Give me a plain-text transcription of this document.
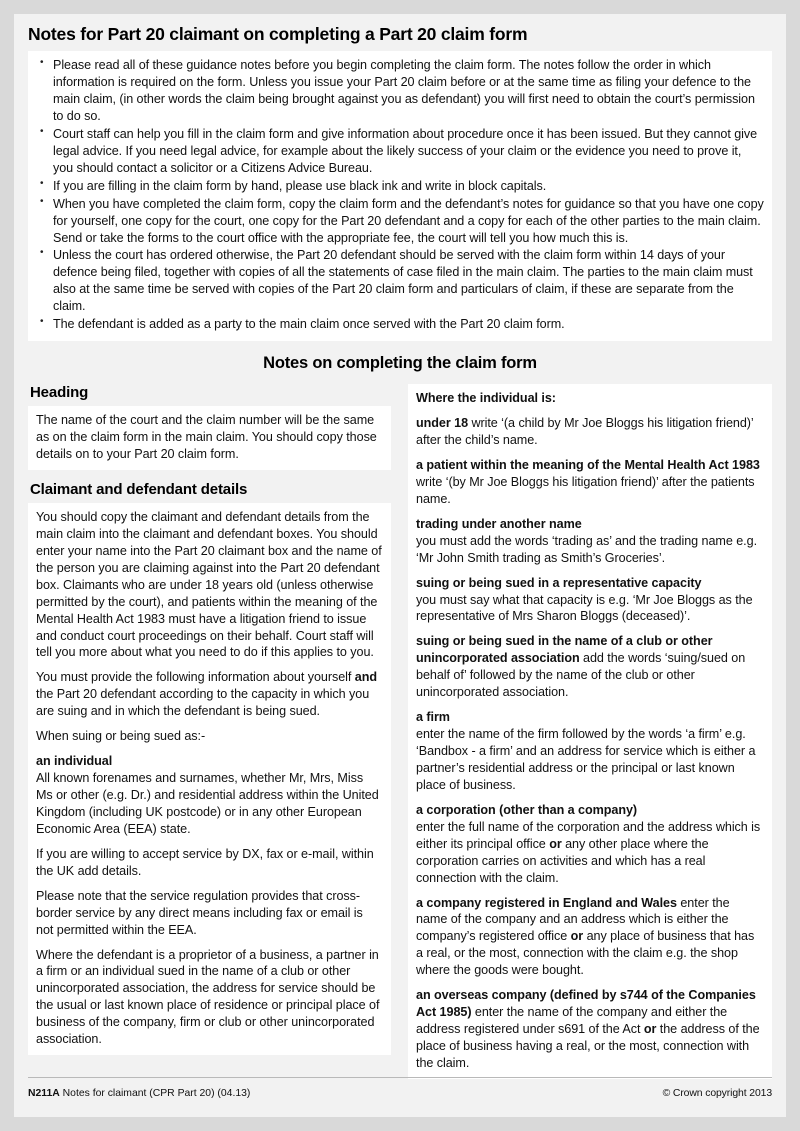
Notes for Part 20 claimant on completing a Part 20 claim form
• Please read all of these guidance notes before you begin completing the claim form. The notes follow the order in which information is required on the form. Unless you issue your Part 20 claim before or at the same time as filing your defence to the main claim, (in other words the claim being brought against you as defendant) you will first need to obtain the court’s permission to do so.
• Court staff can help you fill in the claim form and give information about procedure once it has been issued. But they cannot give legal advice. If you need legal advice, for example about the likely success of your claim or the evidence you need to prove it, you should contact a solicitor or a Citizens Advice Bureau.
• If you are filling in the claim form by hand, please use black ink and write in block capitals.
• When you have completed the claim form, copy the claim form and the defendant’s notes for guidance so that you have one copy for yourself, one copy for the court, one copy for the Part 20 defendant and a copy for each of the other parties to the main claim. Send or take the forms to the court office with the appropriate fee, the court will tell you how much this is.
• Unless the court has ordered otherwise, the Part 20 defendant should be served with the claim form within 14 days of your defence being filed, together with copies of all the statements of case filed in the main claim. The parties to the main claim must also at the same time be served with copies of the Part 20 claim form and particulars of claim, if these are separate from the claim.
• The defendant is added as a party to the main claim once served with the Part 20 claim form.
Notes on completing the claim form
Heading

The name of the court and the claim number will be the same as on the claim form in the main claim. You should copy those details on to your Part 20 claim form.

Claimant and defendant details

You should copy the claimant and defendant details from the main claim into the claimant and defendant boxes. You should enter your name into the Part 20 claimant box and the name of the person you are claiming against into the Part 20 defendant box. Claimants who are under 18 years old (unless otherwise permitted by the court), and patients within the meaning of the Mental Health Act 1983 must have a litigation friend to issue and conduct court proceedings on their behalf. Court staff will tell you more about what you need to do if this applies to you.

You must provide the following information about yourself and the Part 20 defendant according to the capacity in which you are suing and in which the defendant is being sued.

When suing or being sued as:-

an individual

All known forenames and surnames, whether Mr, Mrs, Miss Ms or other (e.g. Dr.) and residential address within the United Kingdom (including UK postcode) or in any other European Economic Area (EEA) state.

If you are willing to accept service by DX, fax or e-mail, within the UK add details.

Please note that the service regulation provides that cross-border service by any direct means including fax or email is not permitted within the EEA.

Where the defendant is a proprietor of a business, a partner in a firm or an individual sued in the name of a club or other unincorporated association, the address for service should be the usual or last known place of residence or principal place of business of the company, firm or club or other unincorporated association.

Where the individual is:

under 18 write ‘(a child by Mr Joe Bloggs his litigation friend)’ after the child’s name.

a patient within the meaning of the Mental Health Act 1983 write ‘(by Mr Joe Bloggs his litigation friend)’ after the patients name.

trading under another name
you must add the words ‘trading as’ and the trading name e.g. ‘Mr John Smith trading as Smith’s Groceries’.

suing or being sued in a representative capacity
you must say what that capacity is e.g. ‘Mr Joe Bloggs as the representative of Mrs Sharon Bloggs (deceased)’.

suing or being sued in the name of a club or other unincorporated association add the words ‘suing/sued on behalf of’ followed by the name of the club or other unincorporated association.

a firm
enter the name of the firm followed by the words ‘a firm’ e.g. ‘Bandbox - a firm’ and an address for service which is either a partner’s residential address or the principal or last known place of business.

a corporation (other than a company)
enter the full name of the corporation and the address which is either its principal office or any other place where the corporation carries on activities and which has a real connection with the claim.

a company registered in England and Wales enter the name of the company and an address which is either the company’s registered office or any place of business that has a real, or the most, connection with the claim e.g. the shop where the goods were bought.

an overseas company (defined by s744 of the Companies Act 1985) enter the name of the company and either the address registered under s691 of the Act or the address of the place of business having a real, or the most, connection with the claim.

N211A Notes for claimant (CPR Part 20) (04.13)	© Crown copyright 2013
